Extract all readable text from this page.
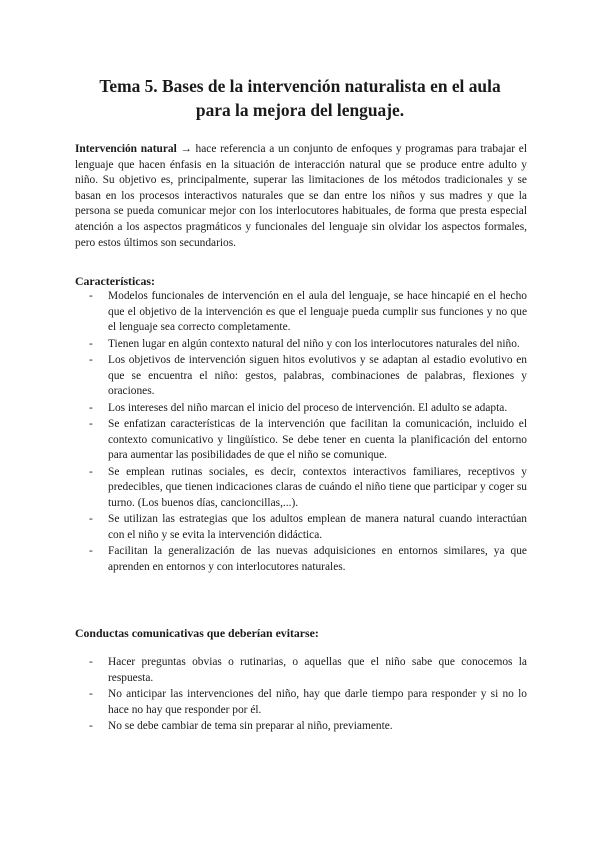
Tema 5. Bases de la intervención naturalista en el aula
para la mejora del lenguaje.

Intervención natural → hace referencia a un conjunto de enfoques y programas para trabajar el lenguaje que hacen énfasis en la situación de interacción natural que se produce entre adulto y niño. Su objetivo es, principalmente, superar las limitaciones de los métodos tradicionales y se basan en los procesos interactivos naturales que se dan entre los niños y sus madres y que la persona se pueda comunicar mejor con los interlocutores habituales, de forma que presta especial atención a los aspectos pragmáticos y funcionales del lenguaje sin olvidar los aspectos formales, pero estos últimos son secundarios.

Características:
- Modelos funcionales de intervención en el aula del lenguaje, se hace hincapié en el hecho que el objetivo de la intervención es que el lenguaje pueda cumplir sus funciones y no que el lenguaje sea correcto completamente.
- Tienen lugar en algún contexto natural del niño y con los interlocutores naturales del niño.
- Los objetivos de intervención siguen hitos evolutivos y se adaptan al estadio evolutivo en que se encuentra el niño: gestos, palabras, combinaciones de palabras, flexiones y oraciones.
- Los intereses del niño marcan el inicio del proceso de intervención. El adulto se adapta.
- Se enfatizan características de la intervención que facilitan la comunicación, incluido el contexto comunicativo y lingüístico. Se debe tener en cuenta la planificación del entorno para aumentar las posibilidades de que el niño se comunique.
- Se emplean rutinas sociales, es decir, contextos interactivos familiares, receptivos y predecibles, que tienen indicaciones claras de cuándo el niño tiene que participar y coger su turno. (Los buenos días, cancioncillas,...).
- Se utilizan las estrategias que los adultos emplean de manera natural cuando interactúan con el niño y se evita la intervención didáctica.
- Facilitan la generalización de las nuevas adquisiciones en entornos similares, ya que aprenden en entornos y con interlocutores naturales.
Conductas comunicativas que deberían evitarse:
- Hacer preguntas obvias o rutinarias, o aquellas que el niño sabe que conocemos la respuesta.
- No anticipar las intervenciones del niño, hay que darle tiempo para responder y si no lo hace no hay que responder por él.
- No se debe cambiar de tema sin preparar al niño, previamente.
